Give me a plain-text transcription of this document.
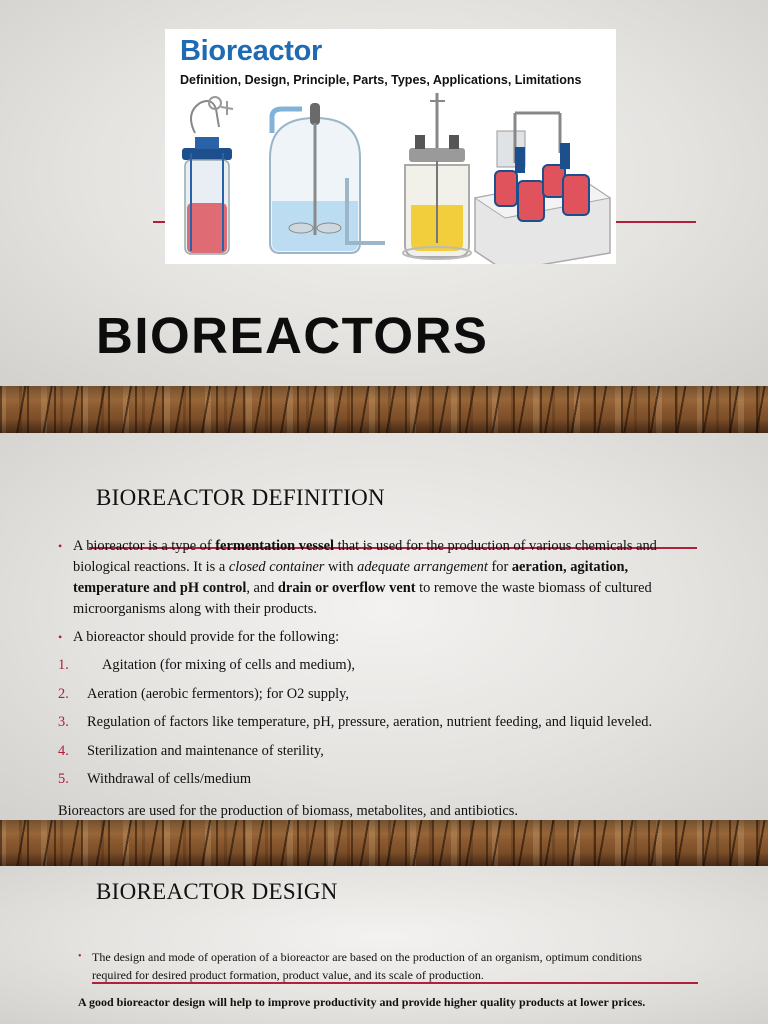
Bioreactor
Definition, Design, Principle, Parts, Types, Applications, Limitations
BIOREACTORS
BIOREACTOR DEFINITION
• A bioreactor is a type of fermentation vessel that is used for the production of various chemicals and biological reactions. It is a closed container with adequate arrangement for aeration, agitation, temperature and pH control, and drain or overflow vent to remove the waste biomass of cultured microorganisms along with their products.
• A bioreactor should provide for the following:
1. Agitation (for mixing of cells and medium),
2. Aeration (aerobic fermentors); for O2 supply,
3. Regulation of factors like temperature, pH, pressure, aeration, nutrient feeding, and liquid leveled.
4. Sterilization and maintenance of sterility,
5. Withdrawal of cells/medium
Bioreactors are used for the production of biomass, metabolites, and antibiotics.
BIOREACTOR DESIGN
• The design and mode of operation of a bioreactor are based on the production of an organism, optimum conditions required for desired product formation, product value, and its scale of production.
A good bioreactor design will help to improve productivity and provide higher quality products at lower prices.
